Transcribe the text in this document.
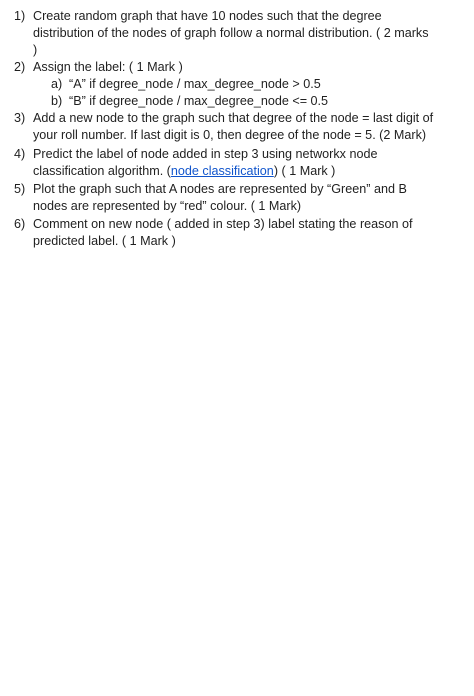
1) Create random graph that have 10 nodes such that the degree
distribution of the nodes of graph follow a normal distribution. ( 2 marks
)
2) Assign the label: ( 1 Mark )
a) “A” if degree_node / max_degree_node > 0.5
b) “B” if degree_node / max_degree_node <= 0.5
3) Add a new node to the graph such that degree of the node = last digit of
your roll number. If last digit is 0, then degree of the node = 5. (2 Mark)
4) Predict the label of node added in step 3 using networkx node
classification algorithm. (node classification) ( 1 Mark )
5) Plot the graph such that A nodes are represented by “Green” and B
nodes are represented by “red” colour. ( 1 Mark)
6) Comment on new node ( added in step 3) label stating the reason of
predicted label. ( 1 Mark )
